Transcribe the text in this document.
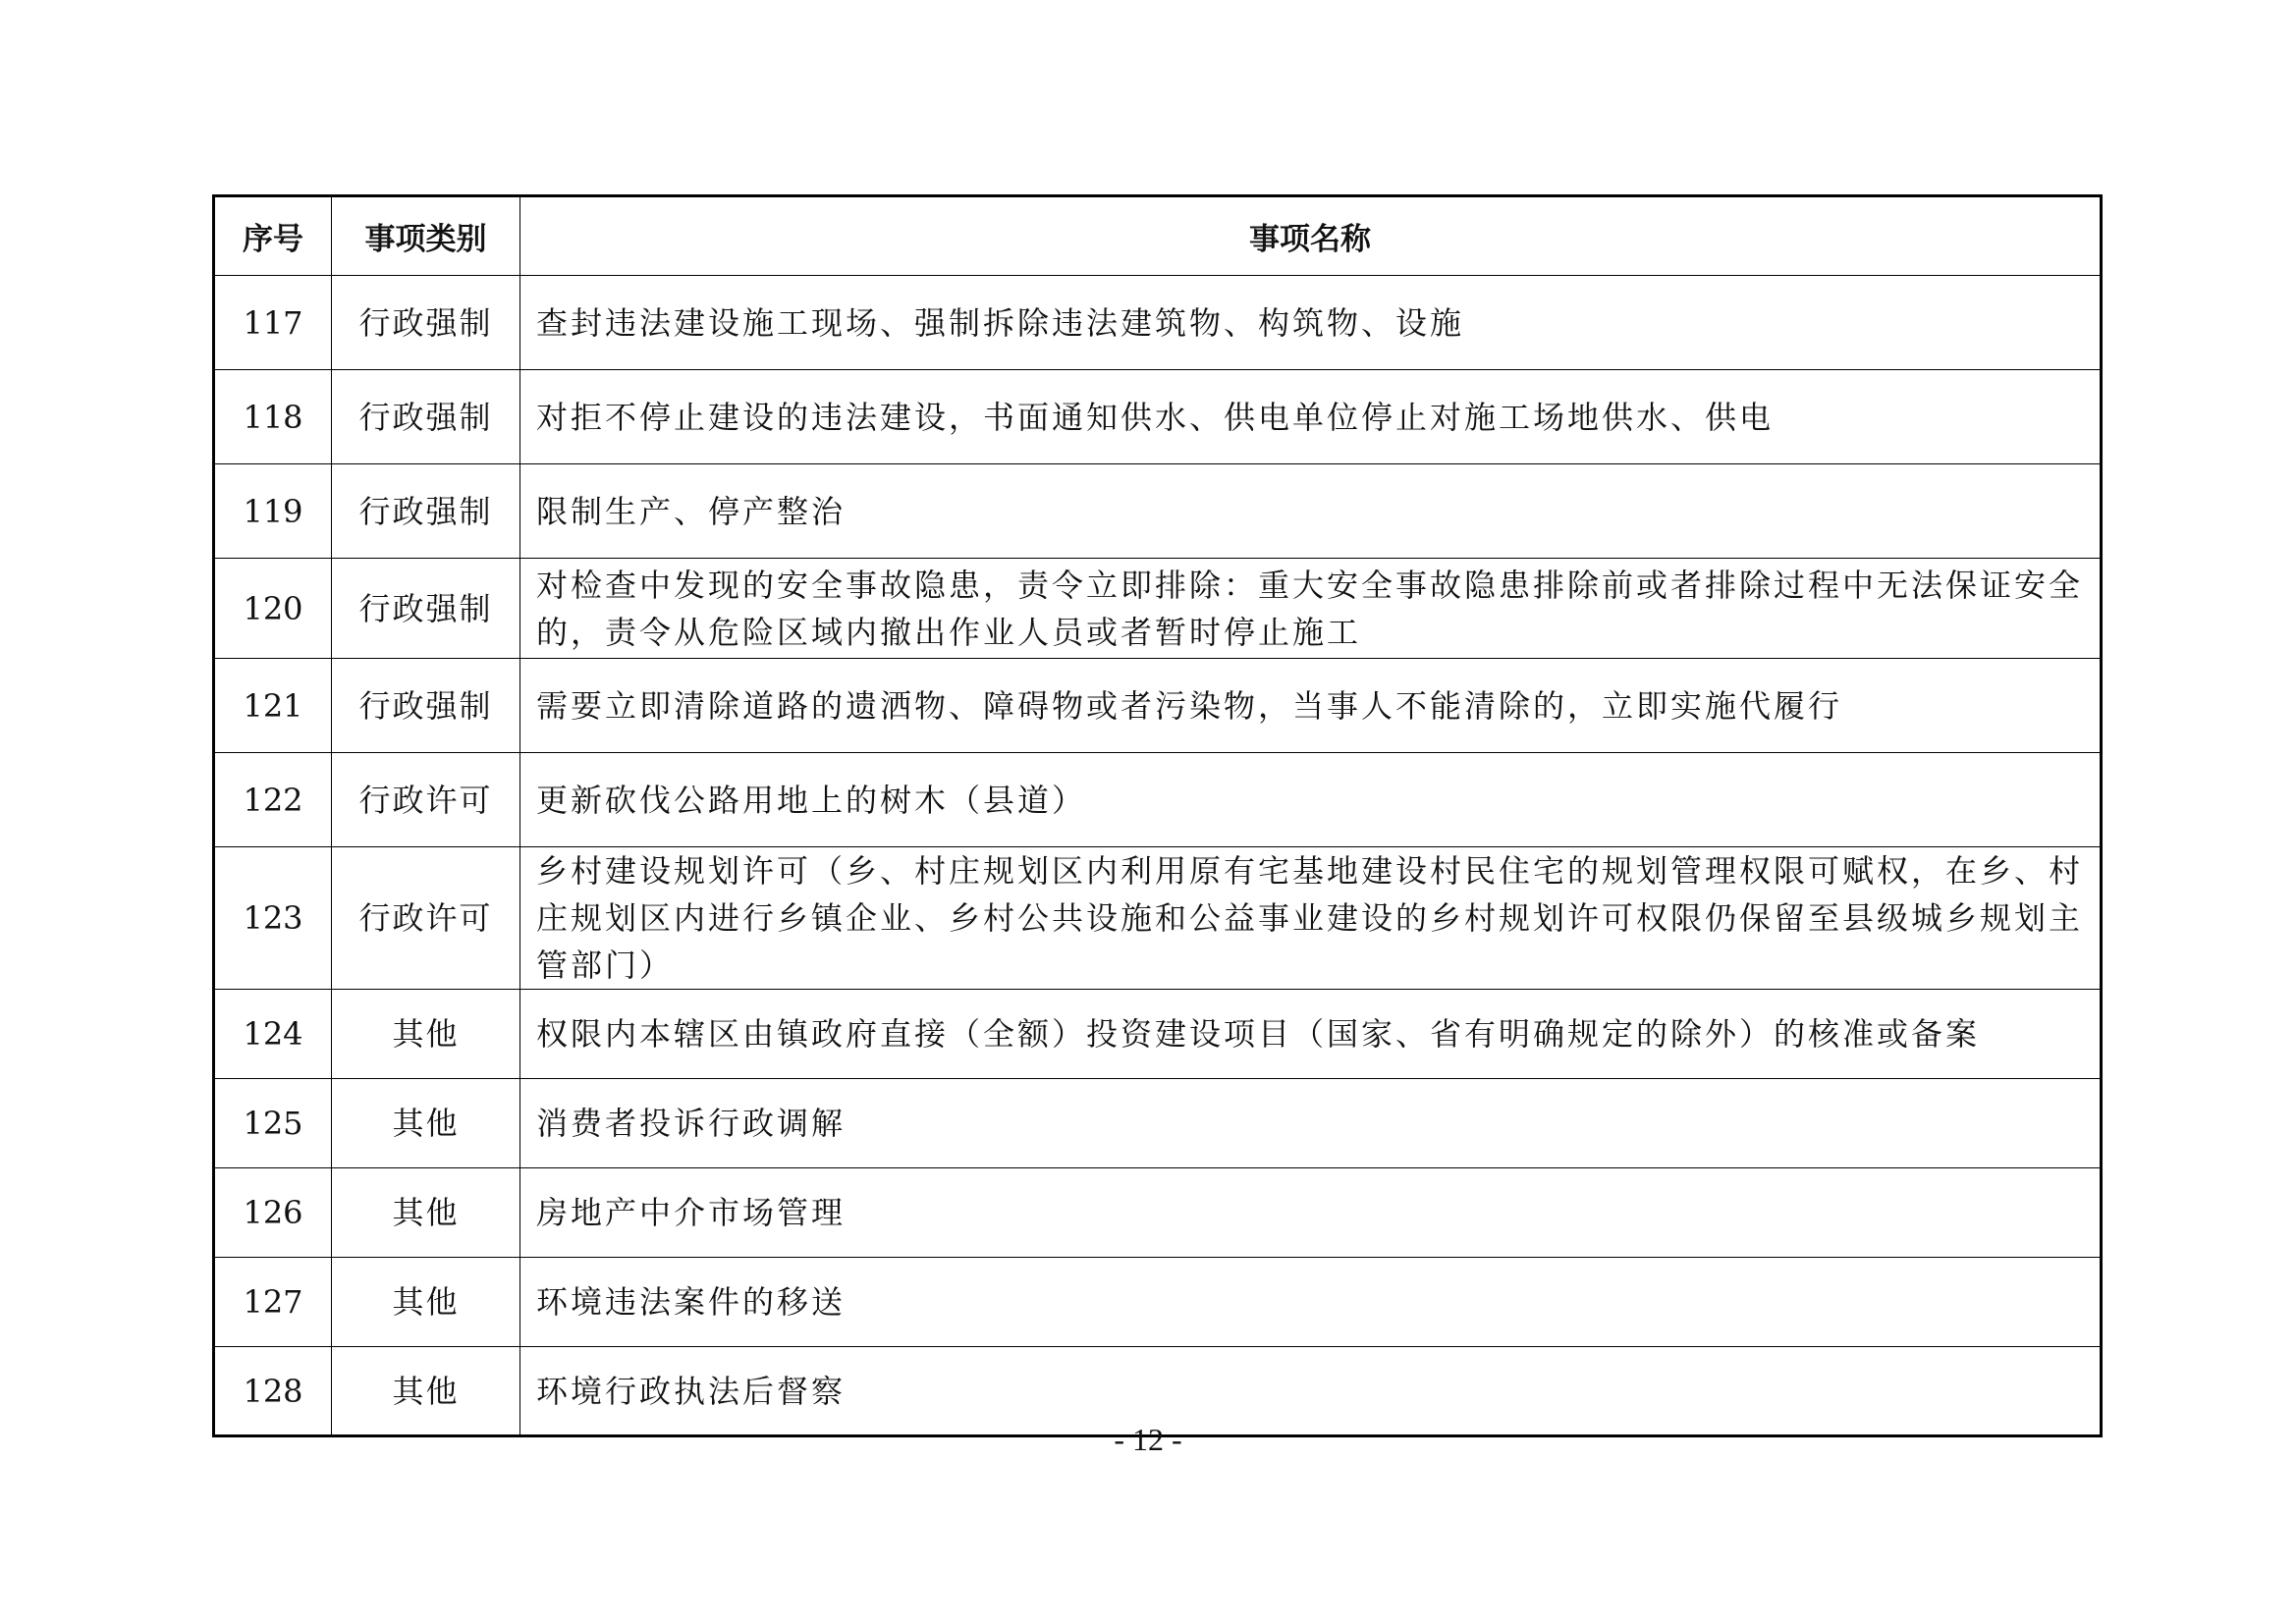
序号	事项类别	事项名称
117	行政强制	查封违法建设施工现场、强制拆除违法建筑物、构筑物、设施
118	行政强制	对拒不停止建设的违法建设，书面通知供水、供电单位停止对施工场地供水、供电
119	行政强制	限制生产、停产整治
120	行政强制	对检查中发现的安全事故隐患，责令立即排除：重大安全事故隐患排除前或者排除过程中无法保证安全的，责令从危险区域内撤出作业人员或者暂时停止施工
121	行政强制	需要立即清除道路的遗洒物、障碍物或者污染物，当事人不能清除的，立即实施代履行
122	行政许可	更新砍伐公路用地上的树木（县道）
123	行政许可	乡村建设规划许可（乡、村庄规划区内利用原有宅基地建设村民住宅的规划管理权限可赋权，在乡、村庄规划区内进行乡镇企业、乡村公共设施和公益事业建设的乡村规划许可权限仍保留至县级城乡规划主管部门）
124	其他	权限内本辖区由镇政府直接（全额）投资建设项目（国家、省有明确规定的除外）的核准或备案
125	其他	消费者投诉行政调解
126	其他	房地产中介市场管理
127	其他	环境违法案件的移送
128	其他	环境行政执法后督察
- 12 -
